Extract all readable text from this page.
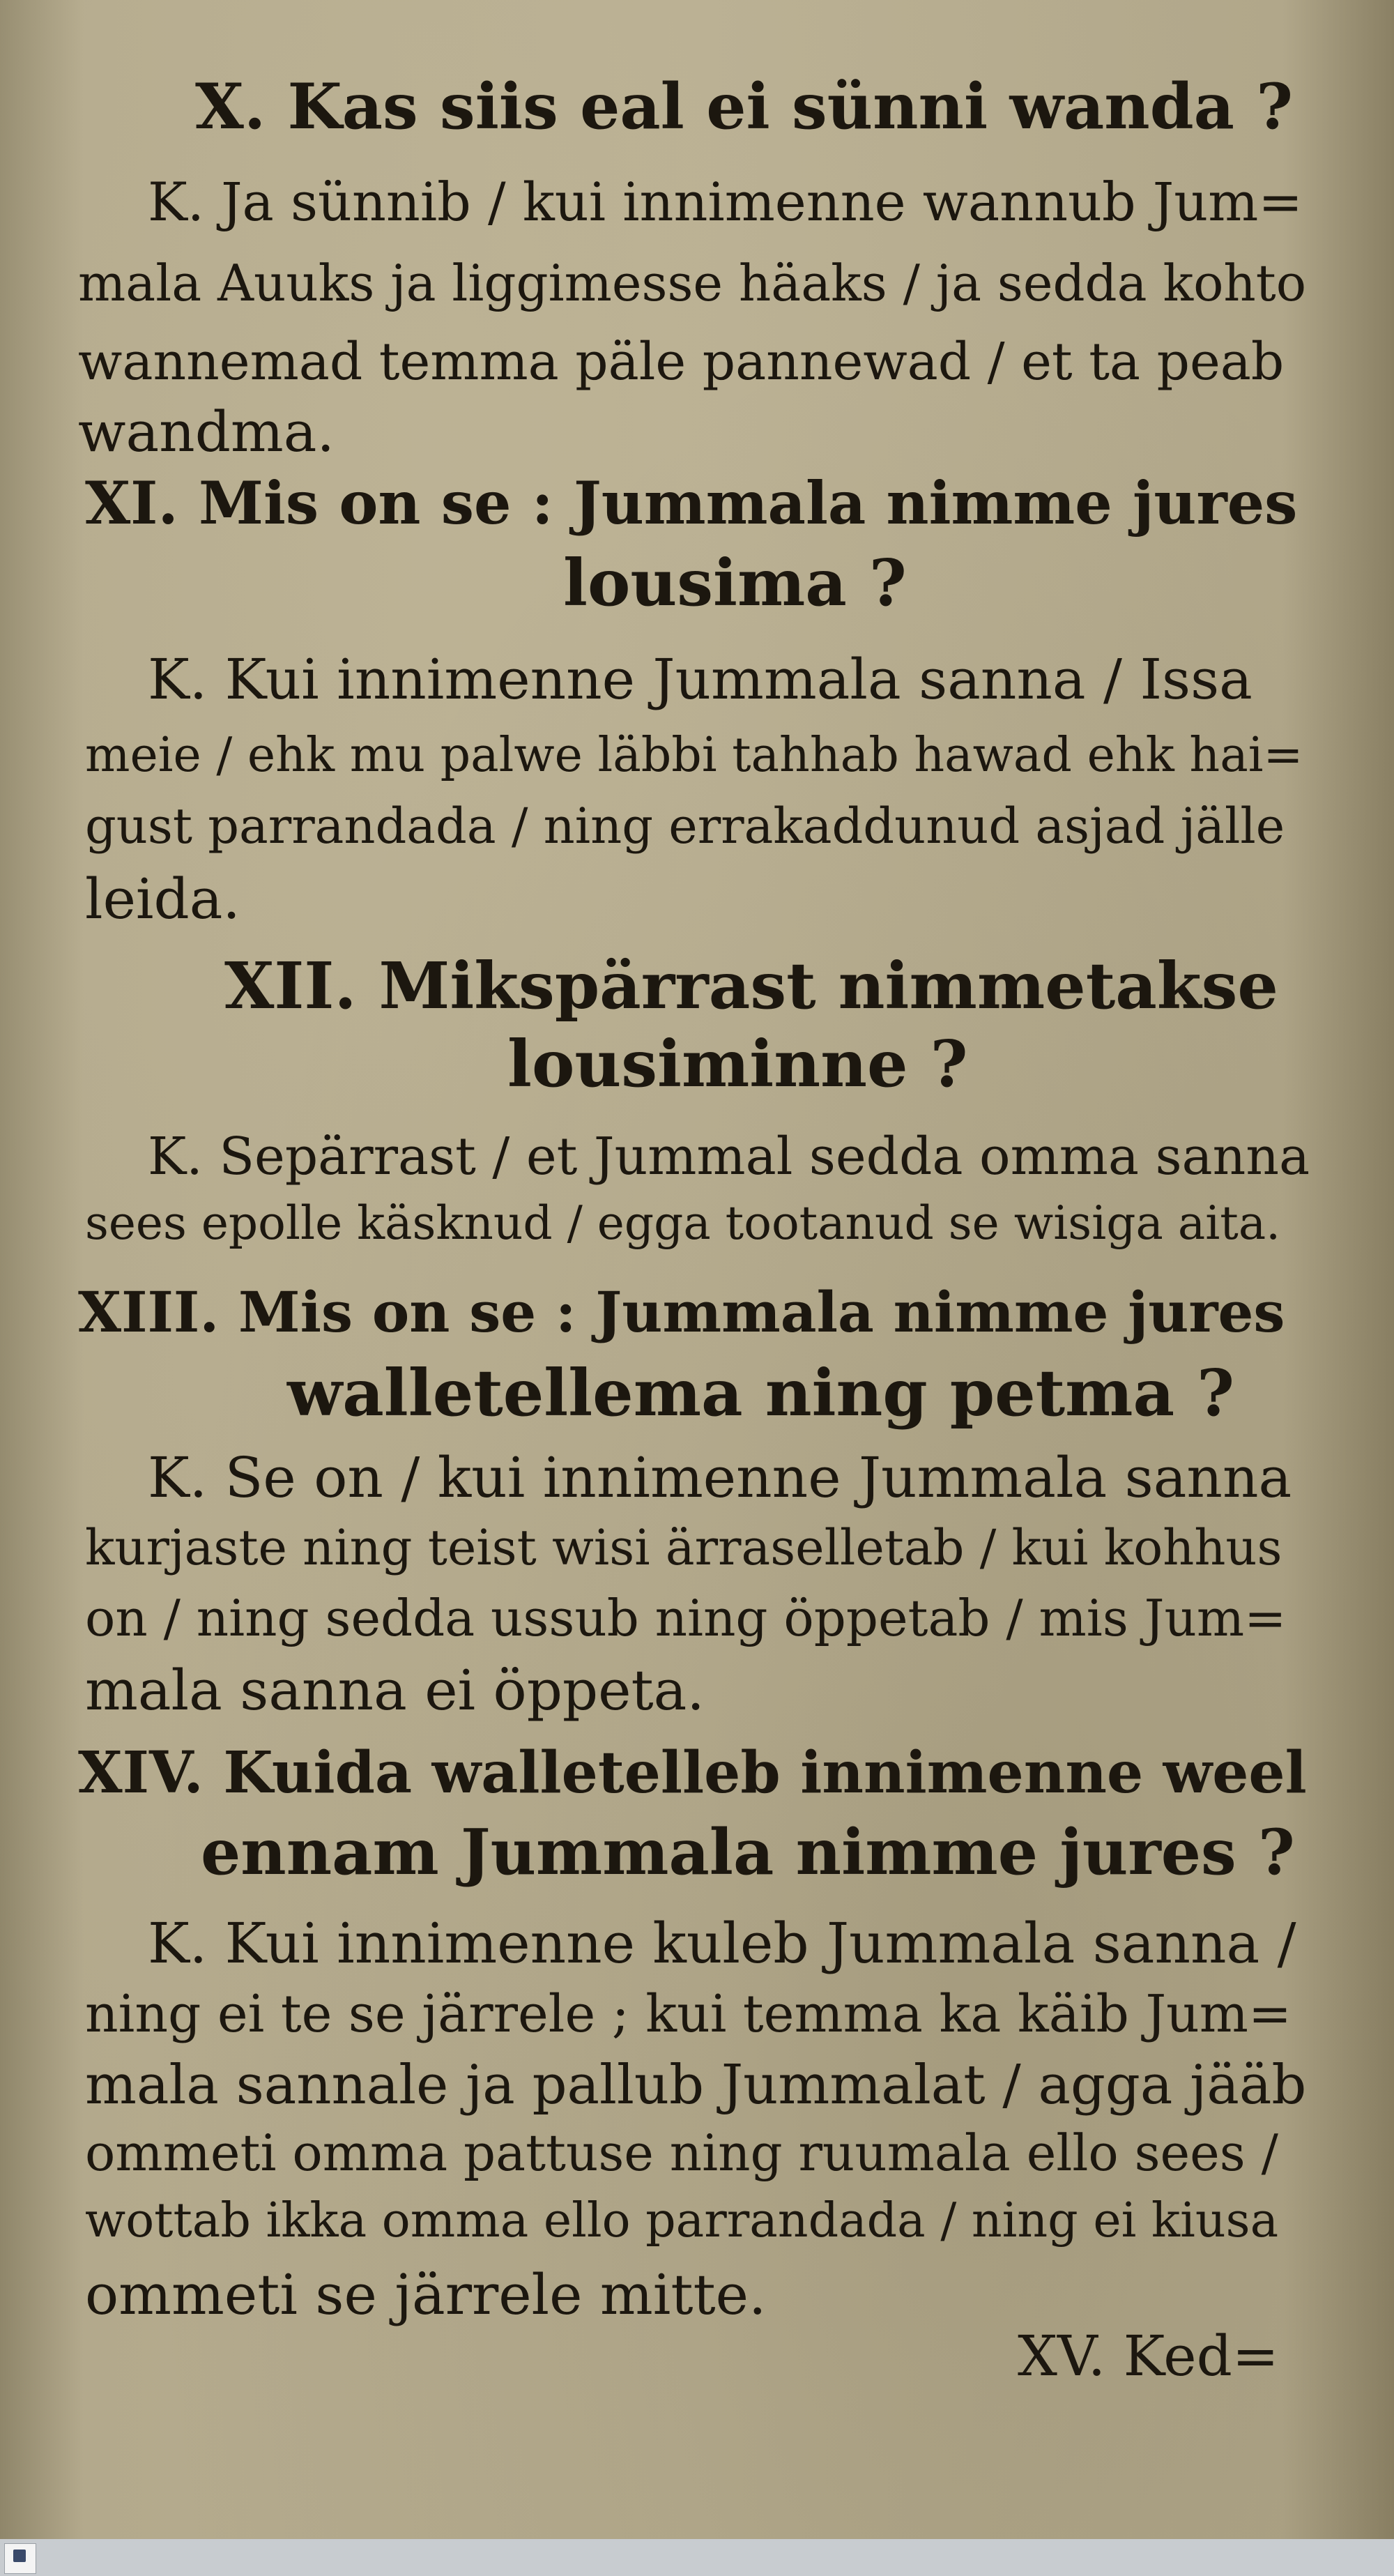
X. Kas siis eal ei sünni wanda ?

K. Ja sünnib / kui innimenne wannub Jum=

mala Auuks ja liggimesse häaks / ja sedda kohto

wannemad temma päle pannewad / et ta peab

wandma.

XI. Mis on se : Jummala nimme jures

lousima ?

K. Kui innimenne Jummala sanna / Issa

meie / ehk mu palwe läbbi tahhab hawad ehk hai=

gust parrandada / ning errakaddunud asjad jälle

leida.

XII. Mikspärrast nimmetakse

lousiminne ?

K. Sepärrast / et Jummal sedda omma sanna

sees epolle käsknud / egga tootanud se wisiga aita.

XIII. Mis on se : Jummala nimme jures

walletellema ning petma ?

K. Se on / kui innimenne Jummala sanna

kurjaste ning teist wisi ärraselletab / kui kohhus

on / ning sedda ussub ning öppetab / mis Jum=

mala sanna ei öppeta.

XIV. Kuida walletelleb innimenne weel

ennam Jummala nimme jures ?

K. Kui innimenne kuleb Jummala sanna /

ning ei te se järrele ; kui temma ka käib Jum=

mala sannale ja pallub Jummalat / agga jääb

ommeti omma pattuse ning ruumala ello sees /

wottab ikka omma ello parrandada / ning ei kiusa

ommeti se järrele mitte.

XV. Ked=
